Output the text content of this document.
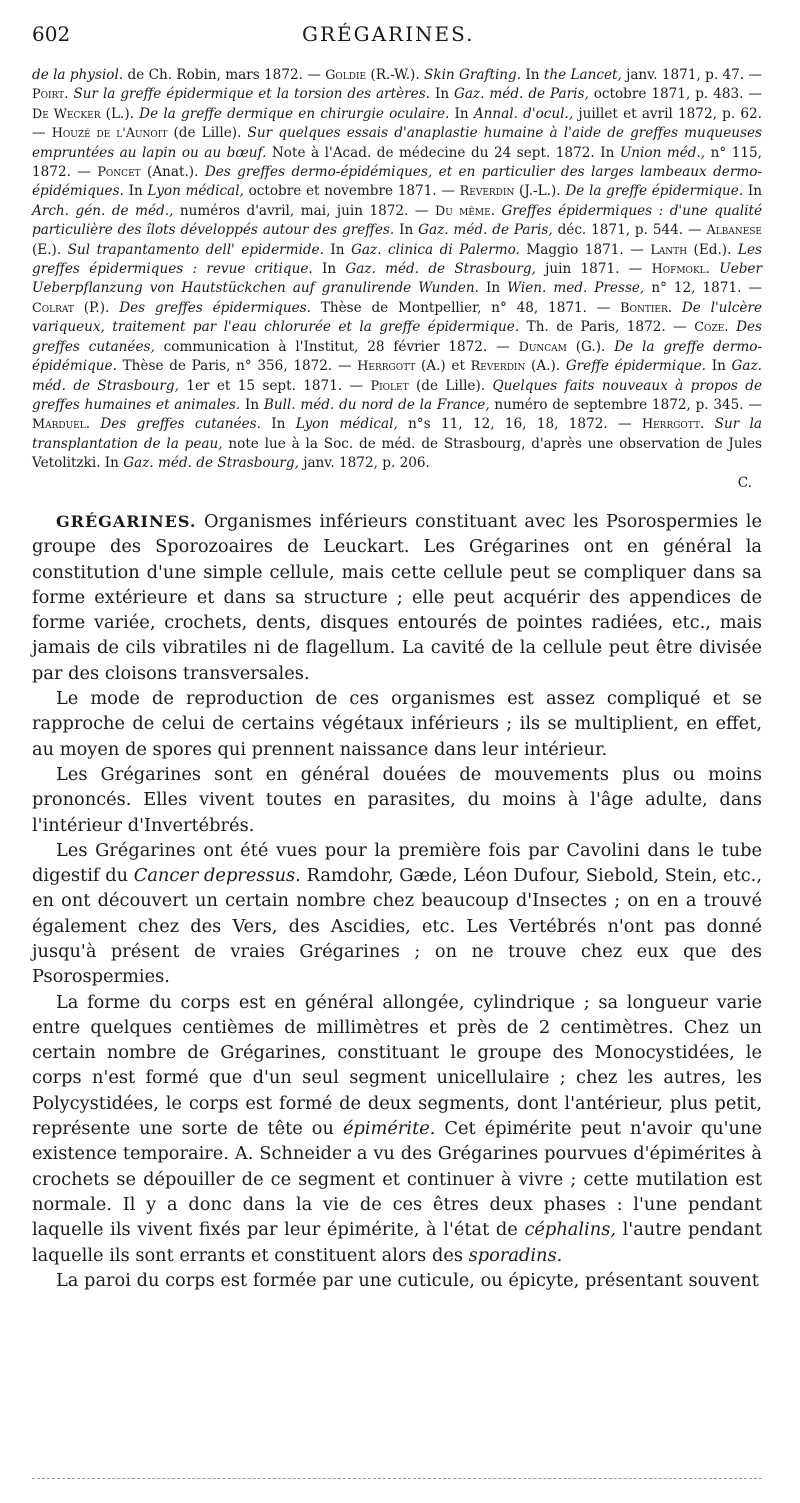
602	GRÉGARINES.
de la physiol. de Ch. Robin, mars 1872. — Goldie (R.-W.). Skin Grafting. In the Lancet, janv. 1871, p. 47. — Poirt. Sur la greffe épidermique et la torsion des artères. In Gaz. méd. de Paris, octobre 1871, p. 483. — De Wecker (L.). De la greffe dermique en chirurgie oculaire. In Annal. d'ocul., juillet et avril 1872, p. 62. — Houzé de l'Aunoit (de Lille). Sur quelques essais d'anaplastie humaine à l'aide de greffes muqueuses empruntées au lapin ou au bœuf. Note à l'Acad. de médecine du 24 sept. 1872. In Union méd., n° 115, 1872. — Poncet (Anat.). Des greffes dermo-épidémiques, et en particulier des larges lambeaux dermo-épidémiques. In Lyon médical, octobre et novembre 1871. — Reverdin (J.-L.). De la greffe épidermique. In Arch. gén. de méd., numéros d'avril, mai, juin 1872. — Du même. Greffes épidermiques : d'une qualité particulière des îlots développés autour des greffes. In Gaz. méd. de Paris, déc. 1871, p. 544. — Albanese (E.). Sul trapantamento dell' epidermide. In Gaz. clinica di Palermo. Maggio 1871. — Lanth (Ed.). Les greffes épidermiques : revue critique. In Gaz. méd. de Strasbourg, juin 1871. — Hofmokl. Ueber Ueberpflanzung von Hautstückchen auf granulirende Wunden. In Wien. med. Presse, n° 12, 1871. — Colrat (P.). Des greffes épidermiques. Thèse de Montpellier, n° 48, 1871. — Bontier. De l'ulcère variqueux, traitement par l'eau chlorurée et la greffe épidermique. Th. de Paris, 1872. — Coze. Des greffes cutanées, communication à l'Institut, 28 février 1872. — Duncam (G.). De la greffe dermo-épidémique. Thèse de Paris, n° 356, 1872. — Herrgott (A.) et Reverdin (A.). Greffe épidermique. In Gaz. méd. de Strasbourg, 1er et 15 sept. 1871. — Piolet (de Lille). Quelques faits nouveaux à propos de greffes humaines et animales. In Bull. méd. du nord de la France, numéro de septembre 1872, p. 345. — Marduel. Des greffes cutanées. In Lyon médical, n°s 11, 12, 16, 18, 1872. — Herrgott. Sur la transplantation de la peau, note lue à la Soc. de méd. de Strasbourg, d'après une observation de Jules Vetolitzki. In Gaz. méd. de Strasbourg, janv. 1872, p. 206.
C.

GRÉGARINES. Organismes inférieurs constituant avec les Psorospermies le groupe des Sporozoaires de Leuckart. Les Grégarines ont en général la constitution d'une simple cellule, mais cette cellule peut se compliquer dans sa forme extérieure et dans sa structure ; elle peut acquérir des appendices de forme variée, crochets, dents, disques entourés de pointes radiées, etc., mais jamais de cils vibratiles ni de flagellum. La cavité de la cellule peut être divisée par des cloisons transversales.

Le mode de reproduction de ces organismes est assez compliqué et se rapproche de celui de certains végétaux inférieurs ; ils se multiplient, en effet, au moyen de spores qui prennent naissance dans leur intérieur.

Les Grégarines sont en général douées de mouvements plus ou moins prononcés. Elles vivent toutes en parasites, du moins à l'âge adulte, dans l'intérieur d'Invertébrés.

Les Grégarines ont été vues pour la première fois par Cavolini dans le tube digestif du Cancer depressus. Ramdohr, Gæde, Léon Dufour, Siebold, Stein, etc., en ont découvert un certain nombre chez beaucoup d'Insectes ; on en a trouvé également chez des Vers, des Ascidies, etc. Les Vertébrés n'ont pas donné jusqu'à présent de vraies Grégarines ; on ne trouve chez eux que des Psorospermies.

La forme du corps est en général allongée, cylindrique ; sa longueur varie entre quelques centièmes de millimètres et près de 2 centimètres. Chez un certain nombre de Grégarines, constituant le groupe des Monocystidées, le corps n'est formé que d'un seul segment unicellulaire ; chez les autres, les Polycystidées, le corps est formé de deux segments, dont l'antérieur, plus petit, représente une sorte de tête ou épimérite. Cet épimérite peut n'avoir qu'une existence temporaire. A. Schneider a vu des Grégarines pourvues d'épimérites à crochets se dépouiller de ce segment et continuer à vivre ; cette mutilation est normale. Il y a donc dans la vie de ces êtres deux phases : l'une pendant laquelle ils vivent fixés par leur épimérite, à l'état de céphalins, l'autre pendant laquelle ils sont errants et constituent alors des sporadins.

La paroi du corps est formée par une cuticule, ou épicyte, présentant souvent
